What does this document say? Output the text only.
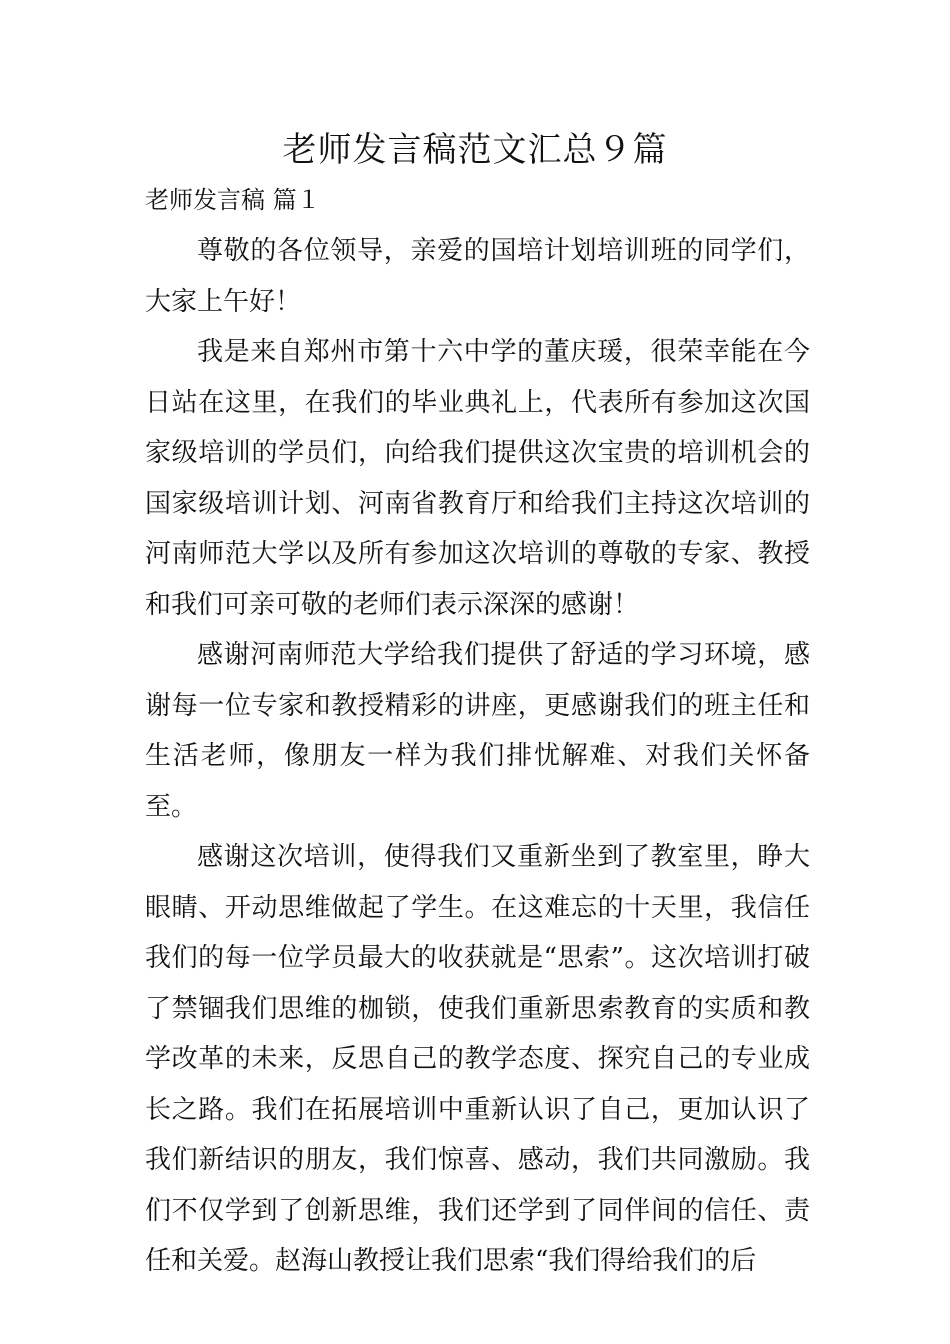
老师发言稿范文汇总９篇
老师发言稿 篇１

尊敬的各位领导，亲爱的国培计划培训班的同学们，大家上午好！

我是来自郑州市第十六中学的董庆瑗，很荣幸能在今日站在这里，在我们的毕业典礼上，代表所有参加这次国家级培训的学员们，向给我们提供这次宝贵的培训机会的国家级培训计划、河南省教育厅和给我们主持这次培训的河南师范大学以及所有参加这次培训的尊敬的专家、教授和我们可亲可敬的老师们表示深深的感谢！

感谢河南师范大学给我们提供了舒适的学习环境，感谢每一位专家和教授精彩的讲座，更感谢我们的班主任和生活老师，像朋友一样为我们排忧解难、对我们关怀备至。

感谢这次培训，使得我们又重新坐到了教室里，睁大眼睛、开动思维做起了学生。在这难忘的十天里，我信任我们的每一位学员最大的收获就是“思索”。这次培训打破了禁锢我们思维的枷锁，使我们重新思索教育的实质和教学改革的未来，反思自己的教学态度、探究自己的专业成长之路。我们在拓展培训中重新认识了自己，更加认识了我们新结识的朋友，我们惊喜、感动，我们共同激励。我们不仅学到了创新思维，我们还学到了同伴间的信任、责任和关爱。赵海山教授让我们思索“我们得给我们的后
